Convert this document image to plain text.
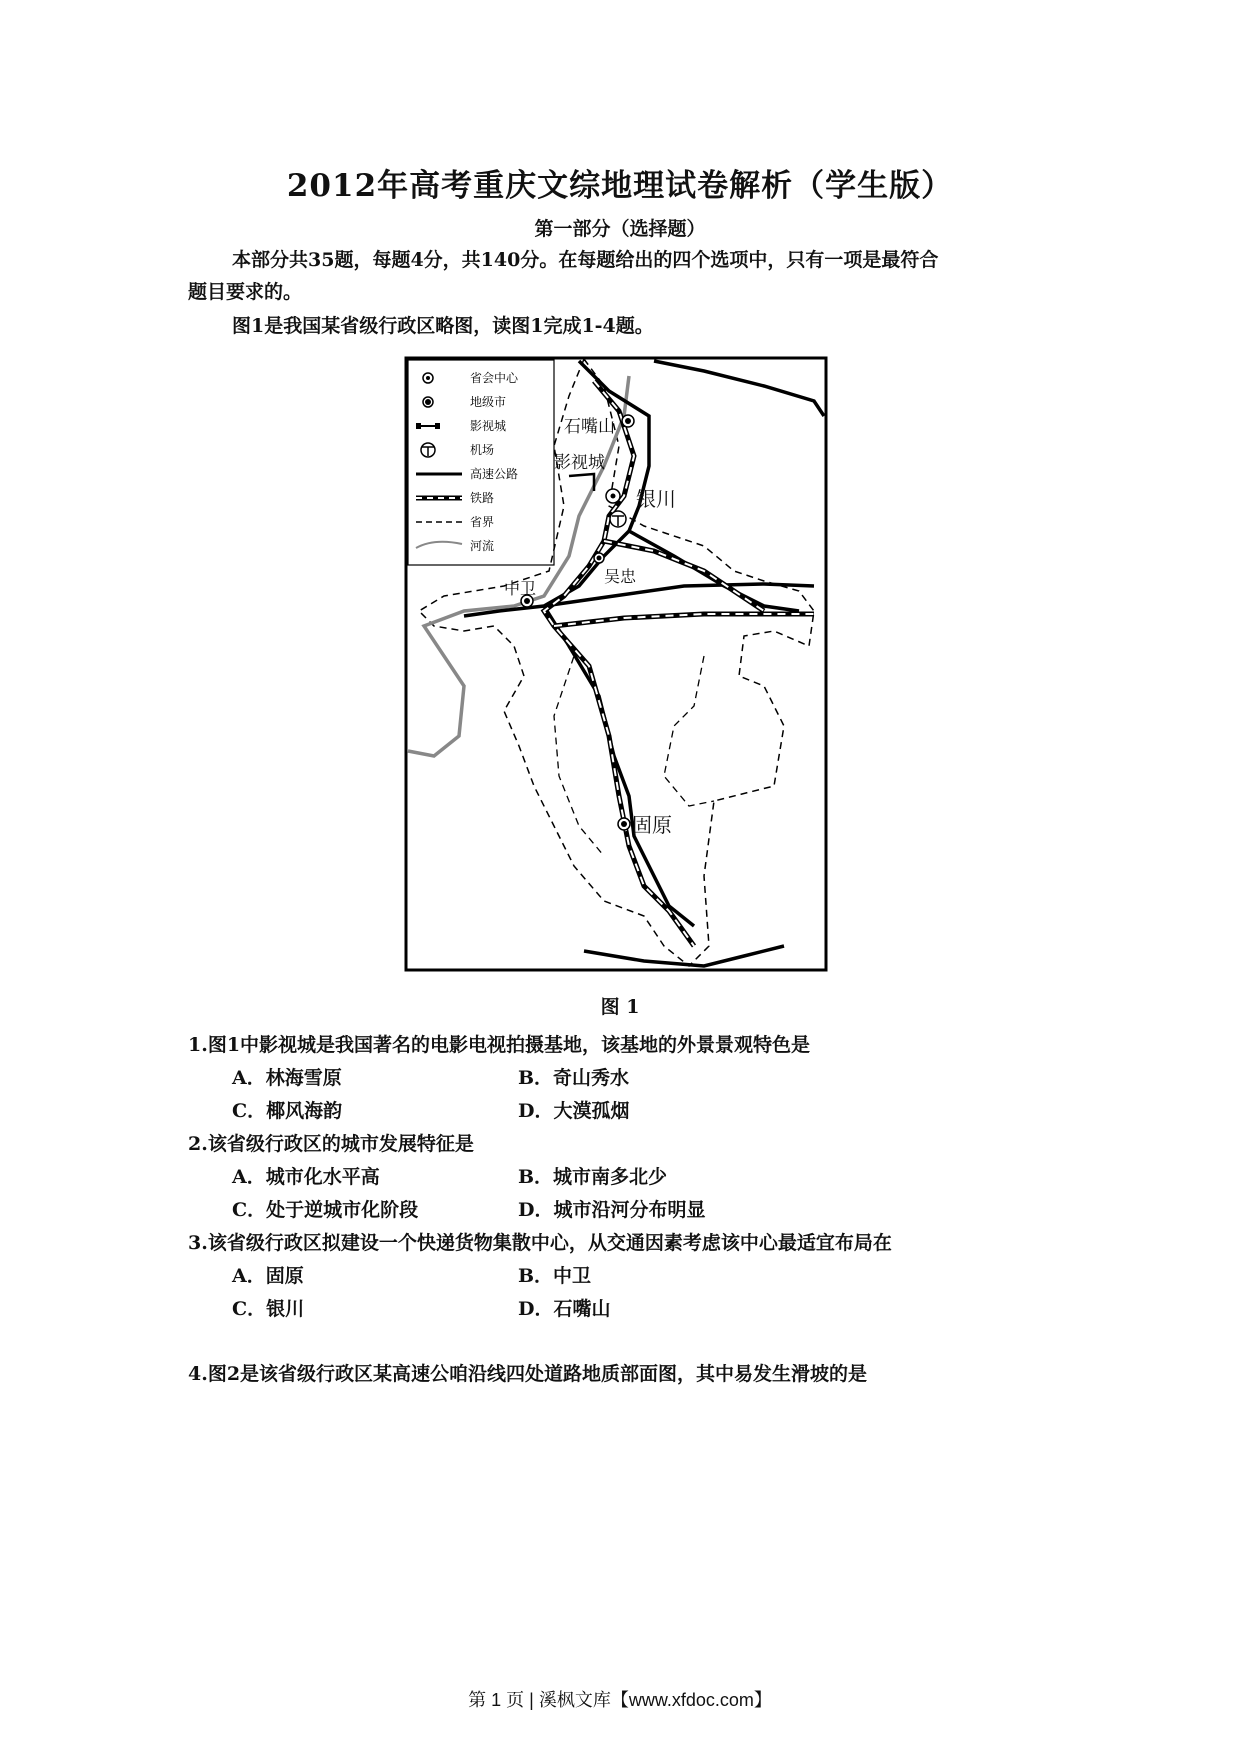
2012年高考重庆文综地理试卷解析（学生版）
第一部分（选择题）
本部分共35题，每题4分，共140分。在每题给出的四个选项中，只有一项是最符合
题目要求的。
图1是我国某省级行政区略图，读图1完成1-4题。
省会中心
地级市
影视城
机场
高速公路
铁路
省界
河流
石嘴山
影视城
银川
吴忠
中卫
固原
图 1
1.图1中影视城是我国著名的电影电视拍摄基地，该基地的外景景观特色是
A．林海雪原	B．奇山秀水
C．椰风海韵	D．大漠孤烟
2.该省级行政区的城市发展特征是
A．城市化水平高	B．城市南多北少
C．处于逆城市化阶段	D．城市沿河分布明显
3.该省级行政区拟建设一个快递货物集散中心，从交通因素考虑该中心最适宜布局在
A．固原	B．中卫
C．银川	D．石嘴山
4.图2是该省级行政区某高速公咱沿线四处道路地质部面图，其中易发生滑坡的是
第 1 页 | 溪枫文库【www.xfdoc.com】
